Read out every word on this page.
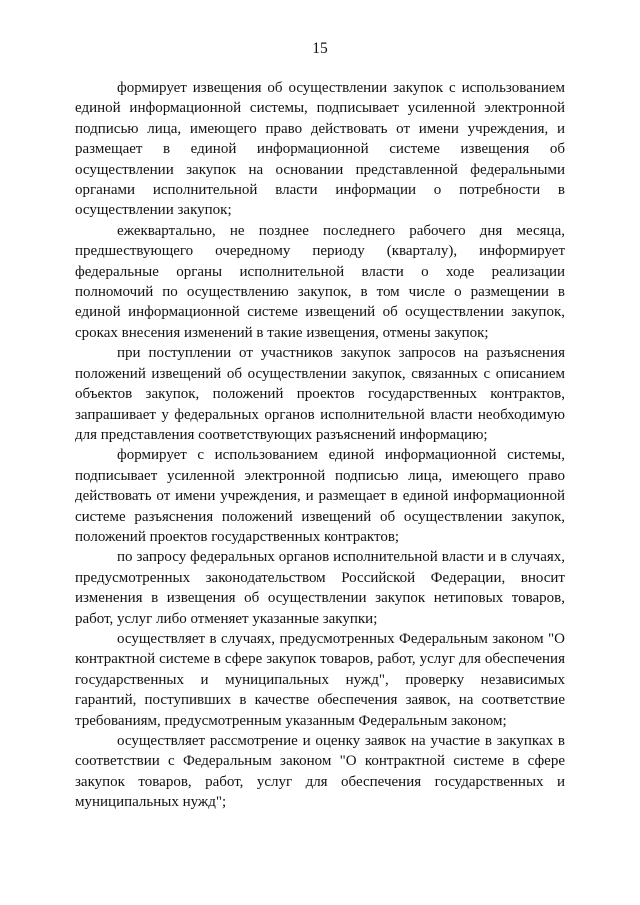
15

формирует извещения об осуществлении закупок с использованием единой информационной системы, подписывает усиленной электронной подписью лица, имеющего право действовать от имени учреждения, и размещает в единой информационной системе извещения об осуществлении закупок на основании представленной федеральными органами исполнительной власти информации о потребности в осуществлении закупок;

ежеквартально, не позднее последнего рабочего дня месяца, предшествующего очередному периоду (кварталу), информирует федеральные органы исполнительной власти о ходе реализации полномочий по осуществлению закупок, в том числе о размещении в единой информационной системе извещений об осуществлении закупок, сроках внесения изменений в такие извещения, отмены закупок;

при поступлении от участников закупок запросов на разъяснения положений извещений об осуществлении закупок, связанных с описанием объектов закупок, положений проектов государственных контрактов, запрашивает у федеральных органов исполнительной власти необходимую для представления соответствующих разъяснений информацию;

формирует с использованием единой информационной системы, подписывает усиленной электронной подписью лица, имеющего право действовать от имени учреждения, и размещает в единой информационной системе разъяснения положений извещений об осуществлении закупок, положений проектов государственных контрактов;

по запросу федеральных органов исполнительной власти и в случаях, предусмотренных законодательством Российской Федерации, вносит изменения в извещения об осуществлении закупок нетиповых товаров, работ, услуг либо отменяет указанные закупки;

осуществляет в случаях, предусмотренных Федеральным законом "О контрактной системе в сфере закупок товаров, работ, услуг для обеспечения государственных и муниципальных нужд", проверку независимых гарантий, поступивших в качестве обеспечения заявок, на соответствие требованиям, предусмотренным указанным Федеральным законом;

осуществляет рассмотрение и оценку заявок на участие в закупках в соответствии с Федеральным законом "О контрактной системе в сфере закупок товаров, работ, услуг для обеспечения государственных и муниципальных нужд";
